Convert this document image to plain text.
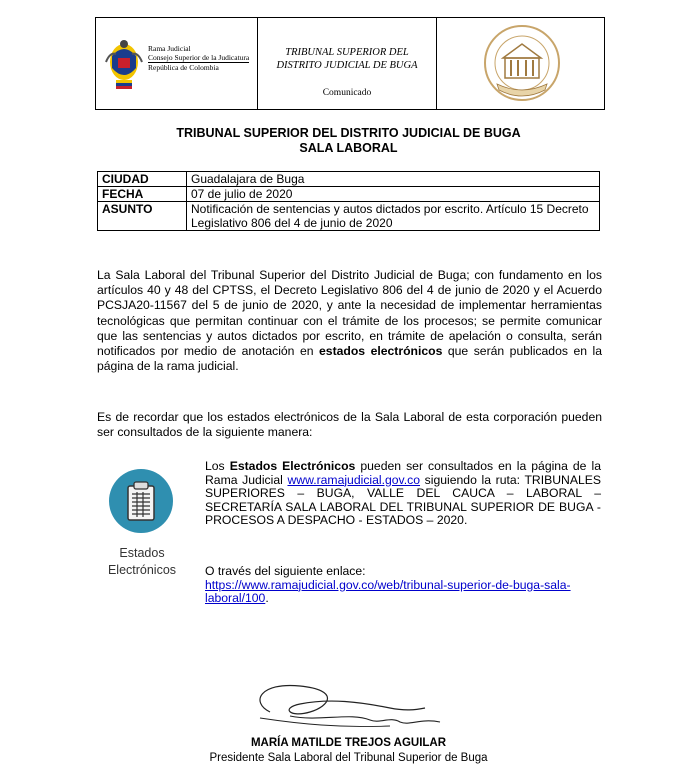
Rama Judicial
Consejo Superior de la Judicatura
República de Colombia
TRIBUNAL SUPERIOR DEL
DISTRITO JUDICIAL DE BUGA
Comunicado
TRIBUNAL SUPERIOR DEL DISTRITO JUDICIAL DE BUGA
SALA LABORAL
CIUDAD	Guadalajara de Buga
FECHA	07 de julio de 2020
ASUNTO	Notificación de sentencias y autos dictados por escrito. Artículo 15 Decreto Legislativo 806 del 4 de junio de 2020
La Sala Laboral del Tribunal Superior del Distrito Judicial de Buga; con fundamento en los artículos 40 y 48 del CPTSS, el Decreto Legislativo 806 del 4 de junio de 2020 y el Acuerdo PCSJA20-11567 del 5 de junio de 2020, y ante la necesidad de implementar herramientas tecnológicas que permitan continuar con el trámite de los procesos; se permite comunicar que las sentencias y autos dictados por escrito, en trámite de apelación o consulta, serán notificados por medio de anotación en estados electrónicos que serán publicados en la página de la rama judicial.
Es de recordar que los estados electrónicos de la Sala Laboral de esta corporación pueden ser consultados de la siguiente manera:
Estados
Electrónicos
Los Estados Electrónicos pueden ser consultados en la página de la Rama Judicial www.ramajudicial.gov.co siguiendo la ruta: TRIBUNALES SUPERIORES – BUGA, VALLE DEL CAUCA – LABORAL – SECRETARÍA SALA LABORAL DEL TRIBUNAL SUPERIOR DE BUGA - PROCESOS A DESPACHO - ESTADOS – 2020.
O través del siguiente enlace:
https://www.ramajudicial.gov.co/web/tribunal-superior-de-buga-sala-laboral/100.
MARÍA MATILDE TREJOS AGUILAR
Presidente Sala Laboral del Tribunal Superior de Buga
